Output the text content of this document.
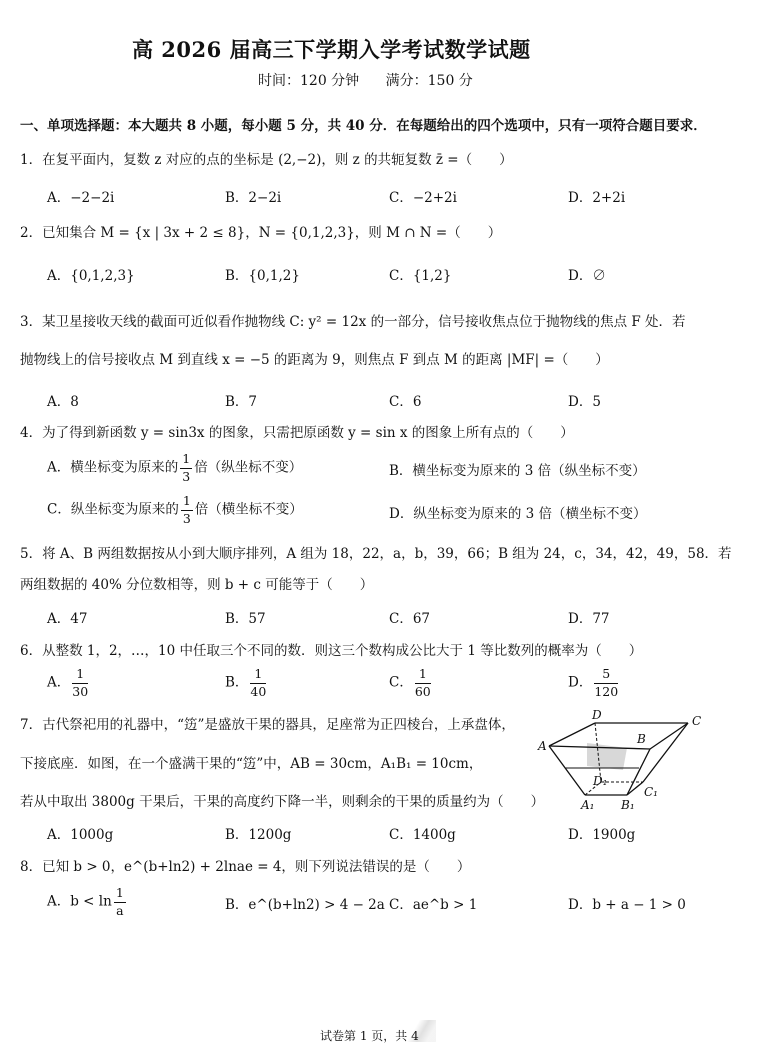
高 2026 届高三下学期入学考试数学试题
时间：120 分钟 满分：150 分
一、单项选择题：本大题共 8 小题，每小题 5 分，共 40 分．在每题给出的四个选项中，只有一项符合题目要求．
1．在复平面内，复数 z 对应的点的坐标是 (2,−2)，则 z 的共轭复数 z̄ =（　　）
A．−2−2i	B．2−2i	C．−2+2i	D．2+2i
2．已知集合 M = {x | 3x + 2 ≤ 8}，N = {0,1,2,3}，则 M ∩ N =（　　）
A．{0,1,2,3}	B．{0,1,2}	C．{1,2}	D．∅
3．某卫星接收天线的截面可近似看作抛物线 C: y² = 12x 的一部分，信号接收焦点位于抛物线的焦点 F 处．若
抛物线上的信号接收点 M 到直线 x = −5 的距离为 9，则焦点 F 到点 M 的距离 |MF| =（　　）
A．8	B．7	C．6	D．5
4．为了得到新函数 y = sin3x 的图象，只需把原函数 y = sin x 的图象上所有点的（　　）
A．横坐标变为原来的 $\frac{1}{3}$ 倍（纵坐标不变）	B．横坐标变为原来的 3 倍（纵坐标不变）
C．纵坐标变为原来的 $\frac{1}{3}$ 倍（横坐标不变）	D．纵坐标变为原来的 3 倍（横坐标不变）
5．将 A、B 两组数据按从小到大顺序排列，A 组为 18，22，a，b，39，66；B 组为 24，c，34，42，49，58．若
两组数据的 40% 分位数相等，则 b + c 可能等于（　　）
A．47	B．57	C．67	D．77
6．从整数 1，2，…，10 中任取三个不同的数．则这三个数构成公比大于 1 等比数列的概率为（　　）
A． $\frac{1}{30}$	B． $\frac{1}{40}$	C． $\frac{1}{60}$	D． $\frac{5}{120}$
7．古代祭祀用的礼器中，“笾”是盛放干果的器具，足座常为正四棱台，上承盘体，
下接底座．如图，在一个盛满干果的“笾”中，AB = 30cm，A₁B₁ = 10cm，
若从中取出 3800g 干果后，干果的高度约下降一半，则剩余的干果的质量约为（　　）
A．1000g	B．1200g	C．1400g	D．1900g
D	C
A	B
D₁
C₁
A₁ B₁
8．已知 b > 0，e^(b+ln2) + 2lnae = 4，则下列说法错误的是（　　）
A．$b < \ln \frac{1}{a}$	B．e^(b+ln2) > 4 − 2a C．ae^b > 1	D．b + a − 1 > 0
试卷第 1 页，共 4
